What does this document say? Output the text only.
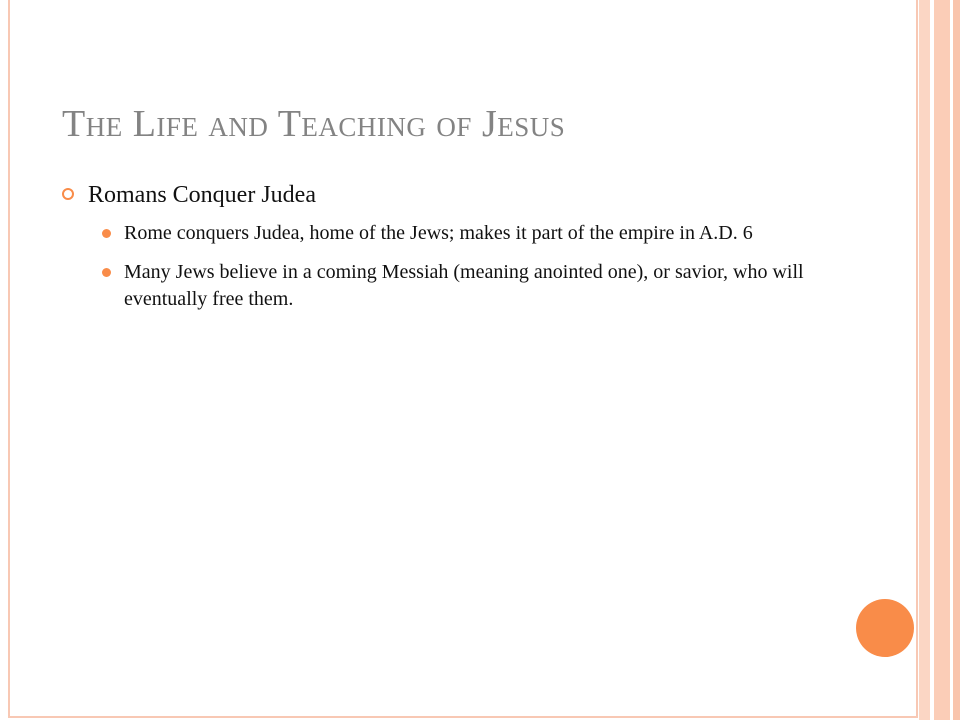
The Life and Teaching of Jesus
Romans Conquer Judea
Rome conquers Judea, home of the Jews; makes it part of the empire in A.D. 6
Many Jews believe in a coming Messiah (meaning anointed one), or savior, who will eventually free them.
